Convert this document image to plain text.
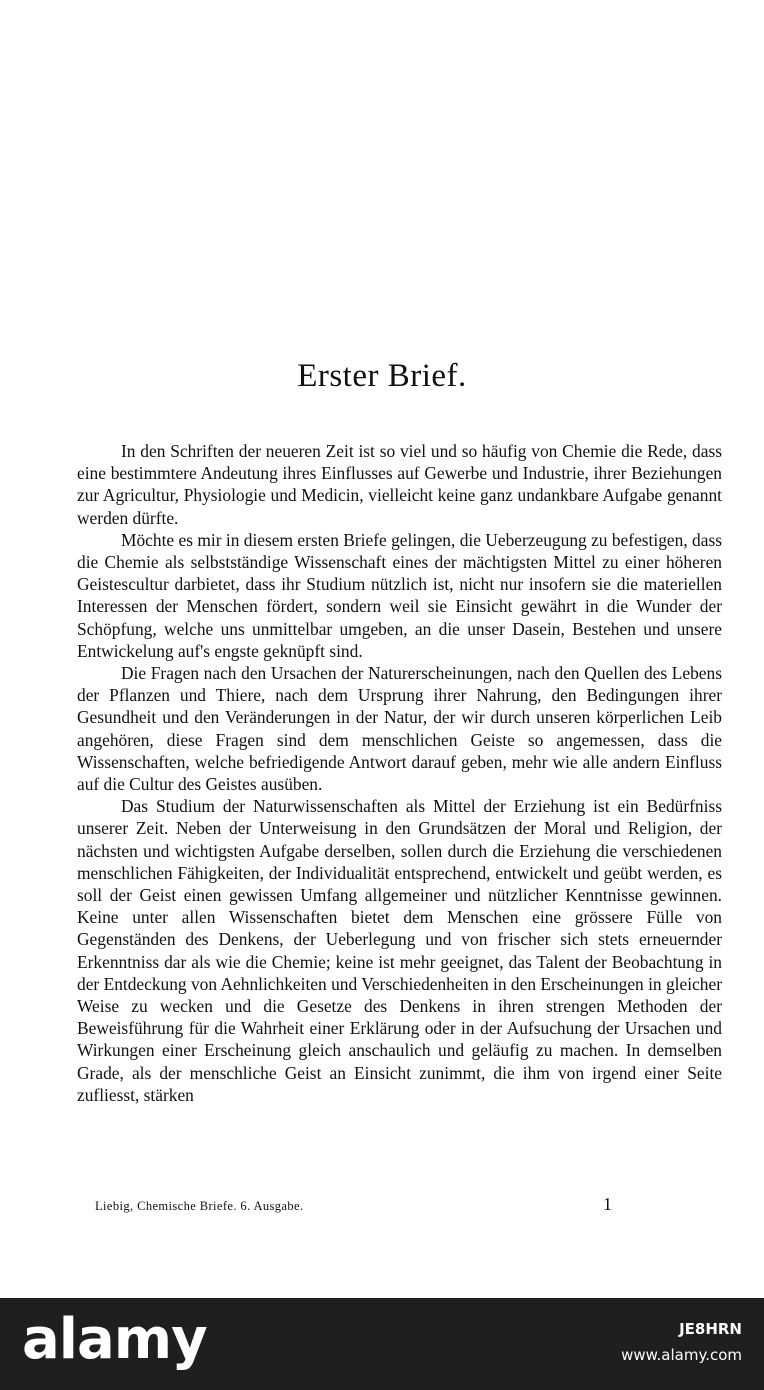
Erster Brief.

In den Schriften der neueren Zeit ist so viel und so häufig von Chemie die Rede, dass eine bestimmtere Andeutung ihres Einflusses auf Gewerbe und Industrie, ihrer Beziehungen zur Agricultur, Physiologie und Medicin, vielleicht keine ganz undankbare Aufgabe genannt werden dürfte.

Möchte es mir in diesem ersten Briefe gelingen, die Ueberzeugung zu befestigen, dass die Chemie als selbstständige Wissenschaft eines der mächtigsten Mittel zu einer höheren Geistescultur darbietet, dass ihr Studium nützlich ist, nicht nur insofern sie die materiellen Interessen der Menschen fördert, sondern weil sie Einsicht gewährt in die Wunder der Schöpfung, welche uns unmittelbar umgeben, an die unser Dasein, Bestehen und unsere Entwickelung auf's engste geknüpft sind.

Die Fragen nach den Ursachen der Naturerscheinungen, nach den Quellen des Lebens der Pflanzen und Thiere, nach dem Ursprung ihrer Nahrung, den Bedingungen ihrer Gesundheit und den Veränderungen in der Natur, der wir durch unseren körperlichen Leib angehören, diese Fragen sind dem menschlichen Geiste so angemessen, dass die Wissenschaften, welche befriedigende Antwort darauf geben, mehr wie alle andern Einfluss auf die Cultur des Geistes ausüben.

Das Studium der Naturwissenschaften als Mittel der Erziehung ist ein Bedürfniss unserer Zeit. Neben der Unterweisung in den Grundsätzen der Moral und Religion, der nächsten und wichtigsten Aufgabe derselben, sollen durch die Erziehung die verschiedenen menschlichen Fähigkeiten, der Individualität entsprechend, entwickelt und geübt werden, es soll der Geist einen gewissen Umfang allgemeiner und nützlicher Kenntnisse gewinnen. Keine unter allen Wissenschaften bietet dem Menschen eine grössere Fülle von Gegenständen des Denkens, der Ueberlegung und von frischer sich stets erneuernder Erkenntniss dar als wie die Chemie; keine ist mehr geeignet, das Talent der Beobachtung in der Entdeckung von Aehnlichkeiten und Verschiedenheiten in den Erscheinungen in gleicher Weise zu wecken und die Gesetze des Denkens in ihren strengen Methoden der Beweisführung für die Wahrheit einer Erklärung oder in der Aufsuchung der Ursachen und Wirkungen einer Erscheinung gleich anschaulich und geläufig zu machen. In demselben Grade, als der menschliche Geist an Einsicht zunimmt, die ihm von irgend einer Seite zufliesst, stärken

Liebig, Chemische Briefe. 6. Ausgabe.	1
alamy	JE8HRN
www.alamy.com
